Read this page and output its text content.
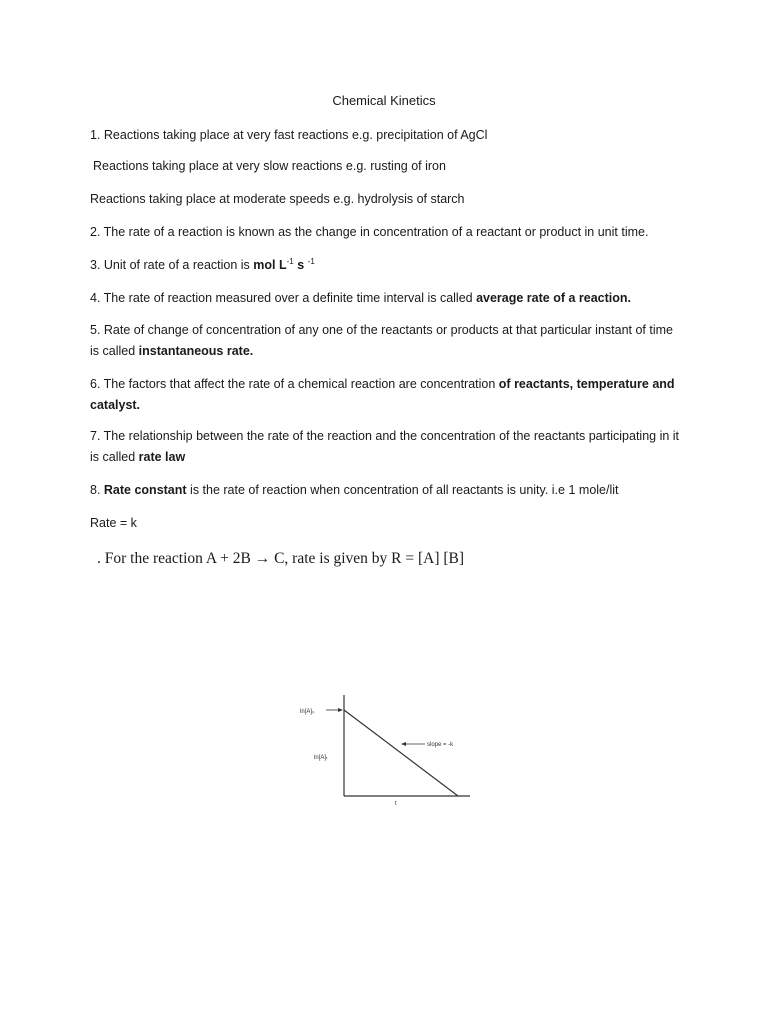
Chemical Kinetics
1. Reactions taking place at very fast reactions e.g. precipitation of AgCl
Reactions taking place at very slow reactions e.g. rusting of iron
Reactions taking place at moderate speeds e.g. hydrolysis of starch
2. The rate of a reaction is known as the change in concentration of a reactant or product in unit time.
3. Unit of rate of a reaction is mol $L^{-1}$ s $^{-1}$
4. The rate of reaction measured over a definite time interval is called average rate of a reaction.
5. Rate of change of concentration of any one of the reactants or products at that particular instant of time is called instantaneous rate.
6. The factors that affect the rate of a chemical reaction are concentration of reactants, temperature and catalyst.
7. The relationship between the rate of the reaction and the concentration of the reactants participating in it is called rate law
8. Rate constant is the rate of reaction when concentration of all reactants is unity. i.e 1 mole/lit
Rate = k
. For the reaction A + 2B → C, rate is given by R = [A] [B]
ln[A]₀
ln[A]ₜ
slope = -k
t
